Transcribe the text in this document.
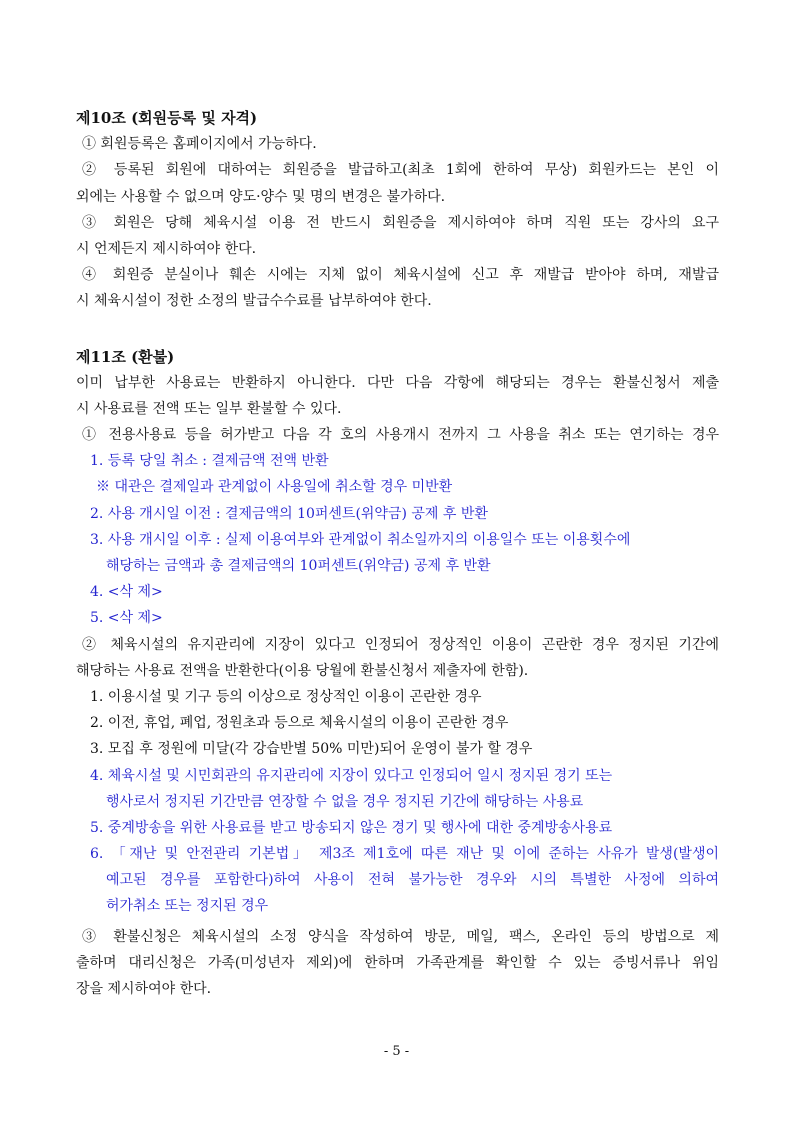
제10조 (회원등록 및 자격)
① 회원등록은 홈페이지에서 가능하다.
② 등록된 회원에 대하여는 회원증을 발급하고(최초 1회에 한하여 무상) 회원카드는 본인 이
외에는 사용할 수 없으며 양도·양수 및 명의 변경은 불가하다.
③ 회원은 당해 체육시설 이용 전 반드시 회원증을 제시하여야 하며 직원 또는 강사의 요구
시 언제든지 제시하여야 한다.
④ 회원증 분실이나 훼손 시에는 지체 없이 체육시설에 신고 후 재발급 받아야 하며, 재발급
시 체육시설이 정한 소정의 발급수수료를 납부하여야 한다.
제11조 (환불)
이미 납부한 사용료는 반환하지 아니한다. 다만 다음 각항에 해당되는 경우는 환불신청서 제출
시 사용료를 전액 또는 일부 환불할 수 있다.
① 전용사용료 등을 허가받고 다음 각 호의 사용개시 전까지 그 사용을 취소 또는 연기하는 경우
1. 등록 당일 취소 : 결제금액 전액 반환
※ 대관은 결제일과 관계없이 사용일에 취소할 경우 미반환
2. 사용 개시일 이전 : 결제금액의 10퍼센트(위약금) 공제 후 반환
3. 사용 개시일 이후 : 실제 이용여부와 관계없이 취소일까지의 이용일수 또는 이용횟수에
해당하는 금액과 총 결제금액의 10퍼센트(위약금) 공제 후 반환
4. <삭 제>
5. <삭 제>
② 체육시설의 유지관리에 지장이 있다고 인정되어 정상적인 이용이 곤란한 경우 정지된 기간에
해당하는 사용료 전액을 반환한다(이용 당월에 환불신청서 제출자에 한함).
1. 이용시설 및 기구 등의 이상으로 정상적인 이용이 곤란한 경우
2. 이전, 휴업, 폐업, 정원초과 등으로 체육시설의 이용이 곤란한 경우
3. 모집 후 정원에 미달(각 강습반별 50% 미만)되어 운영이 불가 할 경우
4. 체육시설 및 시민회관의 유지관리에 지장이 있다고 인정되어 일시 정지된 경기 또는
행사로서 정지된 기간만큼 연장할 수 없을 경우 정지된 기간에 해당하는 사용료
5. 중계방송을 위한 사용료를 받고 방송되지 않은 경기 및 행사에 대한 중계방송사용료
6. 「재난 및 안전관리 기본법」 제3조 제1호에 따른 재난 및 이에 준하는 사유가 발생(발생이
예고된 경우를 포함한다)하여 사용이 전혀 불가능한 경우와 시의 특별한 사정에 의하여
허가취소 또는 정지된 경우
③ 환불신청은 체육시설의 소정 양식을 작성하여 방문, 메일, 팩스, 온라인 등의 방법으로 제
출하며 대리신청은 가족(미성년자 제외)에 한하며 가족관계를 확인할 수 있는 증빙서류나 위임
장을 제시하여야 한다.
- 5 -
